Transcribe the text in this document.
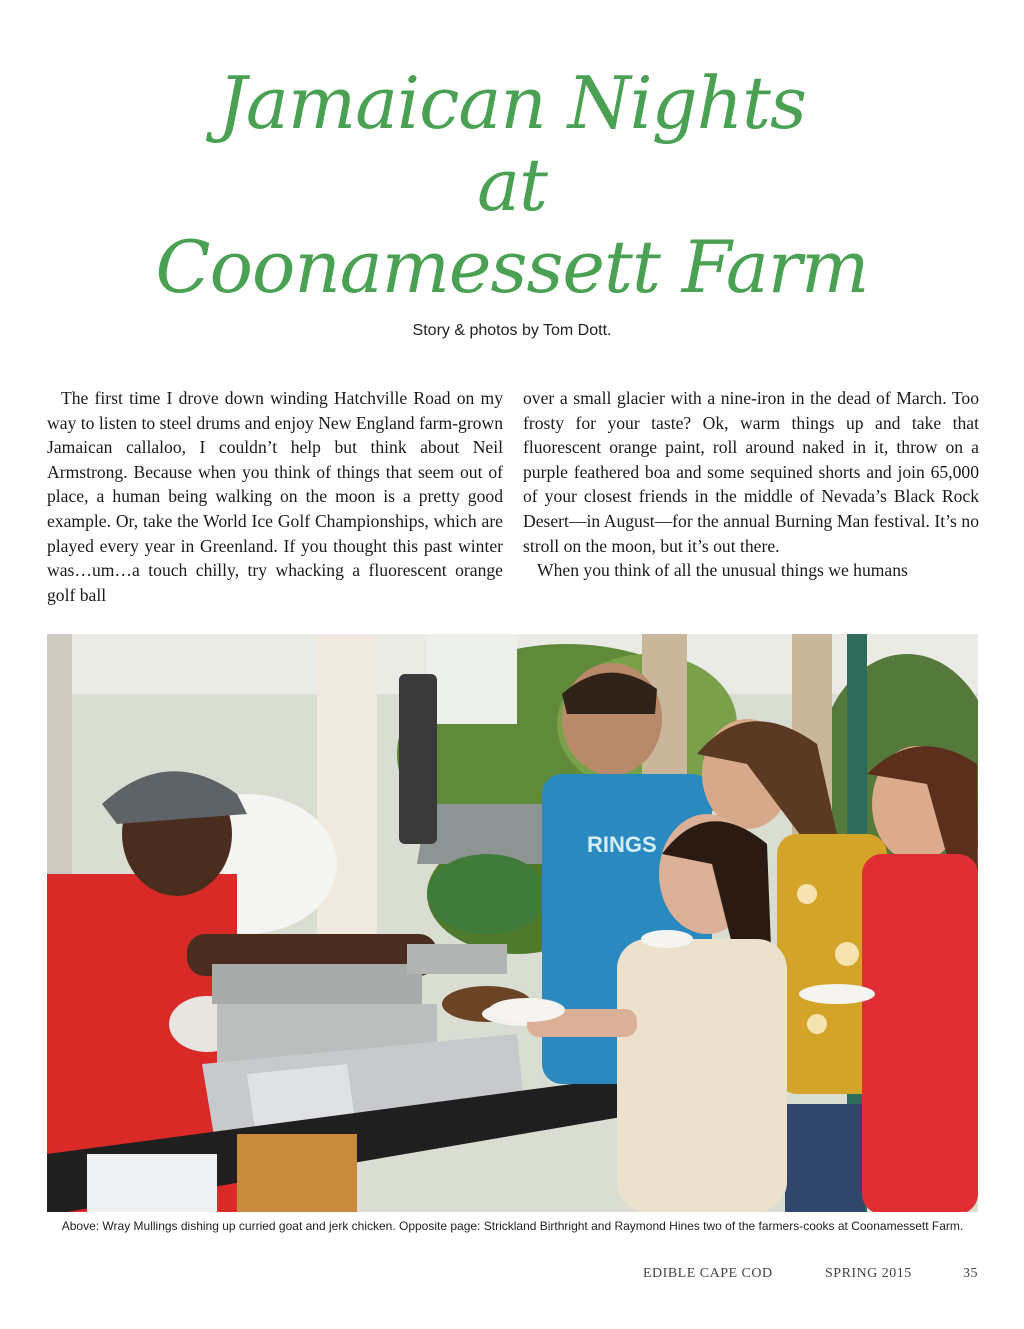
Jamaican Nights
at
Coonamessett Farm
Story & photos by Tom Dott.

The first time I drove down winding Hatchville Road on my way to listen to steel drums and enjoy New England farm-grown Jamaican callaloo, I couldn’t help but think about Neil Armstrong. Because when you think of things that seem out of place, a human being walking on the moon is a pretty good example. Or, take the World Ice Golf Championships, which are played every year in Greenland. If you thought this past winter was…um…a touch chilly, try whacking a fluorescent orange golf ball

over a small glacier with a nine-iron in the dead of March. Too frosty for your taste? Ok, warm things up and take that fluorescent orange paint, roll around naked in it, throw on a purple feathered boa and some sequined shorts and join 65,000 of your closest friends in the middle of Nevada’s Black Rock Desert—in August—for the annual Burning Man festival. It’s no stroll on the moon, but it’s out there.

When you think of all the unusual things we humans

RINGS
Above: Wray Mullings dishing up curried goat and jerk chicken. Opposite page: Strickland Birthright and Raymond Hines two of the farmers-cooks at Coonamessett Farm.
EDIBLE CAPE COD	SPRING 2015	35
